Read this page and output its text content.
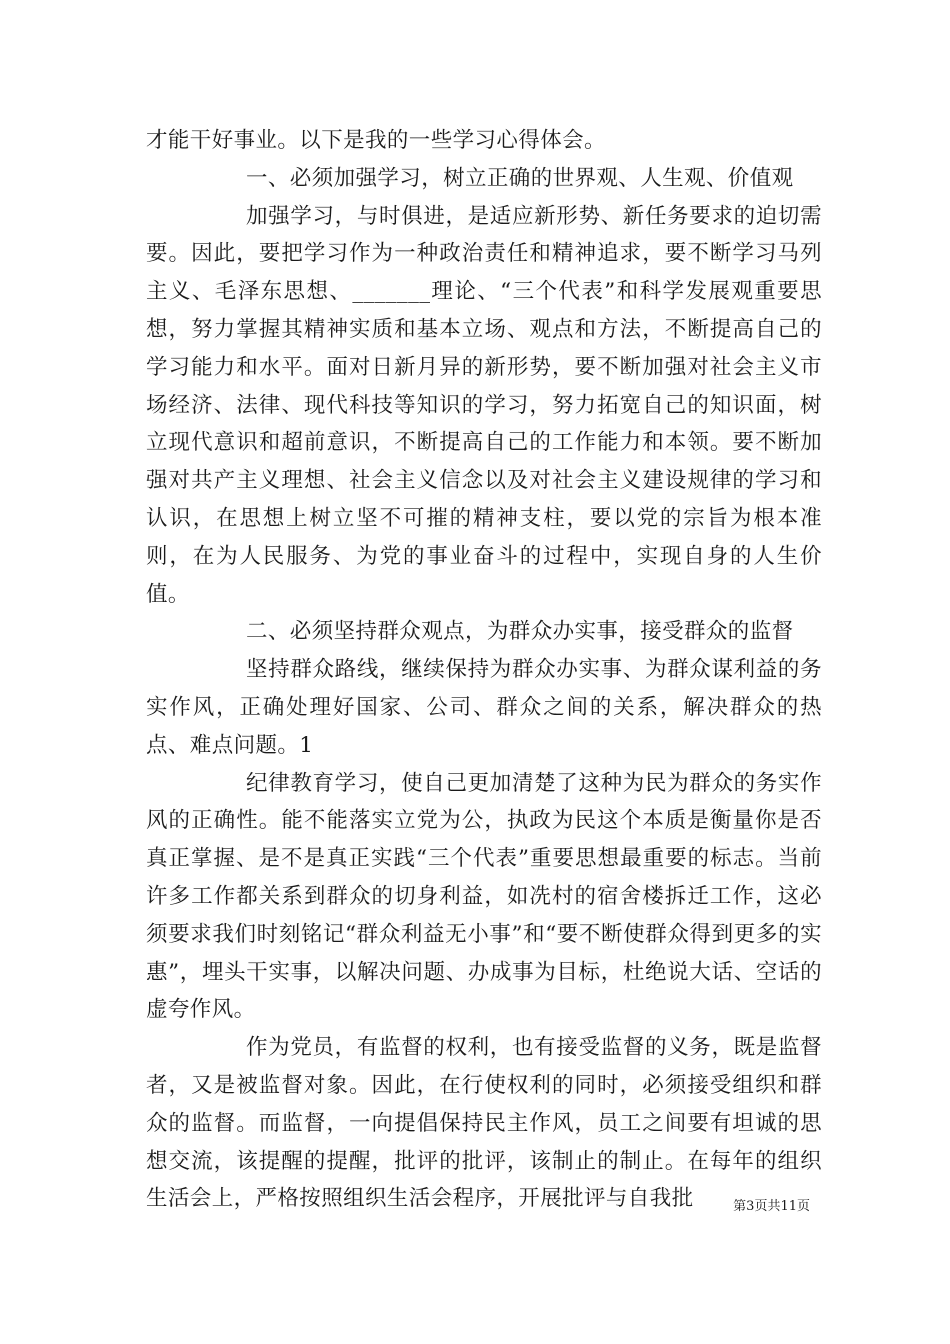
才能干好事业。以下是我的一些学习心得体会。

一、必须加强学习，树立正确的世界观、人生观、价值观

加强学习，与时俱进，是适应新形势、新任务要求的迫切需要。因此，要把学习作为一种政治责任和精神追求，要不断学习马列主义、毛泽东思想、_______理论、“三个代表”和科学发展观重要思想，努力掌握其精神实质和基本立场、观点和方法，不断提高自己的学习能力和水平。面对日新月异的新形势，要不断加强对社会主义市场经济、法律、现代科技等知识的学习，努力拓宽自己的知识面，树立现代意识和超前意识，不断提高自己的工作能力和本领。要不断加强对共产主义理想、社会主义信念以及对社会主义建设规律的学习和认识，在思想上树立坚不可摧的精神支柱，要以党的宗旨为根本准则，在为人民服务、为党的事业奋斗的过程中，实现自身的人生价值。

二、必须坚持群众观点，为群众办实事，接受群众的监督

坚持群众路线，继续保持为群众办实事、为群众谋利益的务实作风，正确处理好国家、公司、群众之间的关系，解决群众的热点、难点问题。1

纪律教育学习，使自己更加清楚了这种为民为群众的务实作风的正确性。能不能落实立党为公，执政为民这个本质是衡量你是否真正掌握、是不是真正实践“三个代表”重要思想最重要的标志。当前许多工作都关系到群众的切身利益，如冼村的宿舍楼拆迁工作，这必须要求我们时刻铭记“群众利益无小事”和“要不断使群众得到更多的实惠”，埋头干实事，以解决问题、办成事为目标，杜绝说大话、空话的虚夸作风。

作为党员，有监督的权利，也有接受监督的义务，既是监督者，又是被监督对象。因此，在行使权利的同时，必须接受组织和群众的监督。而监督，一向提倡保持民主作风，员工之间要有坦诚的思想交流，该提醒的提醒，批评的批评，该制止的制止。在每年的组织生活会上，严格按照组织生活会程序，开展批评与自我批	第3页共11页
